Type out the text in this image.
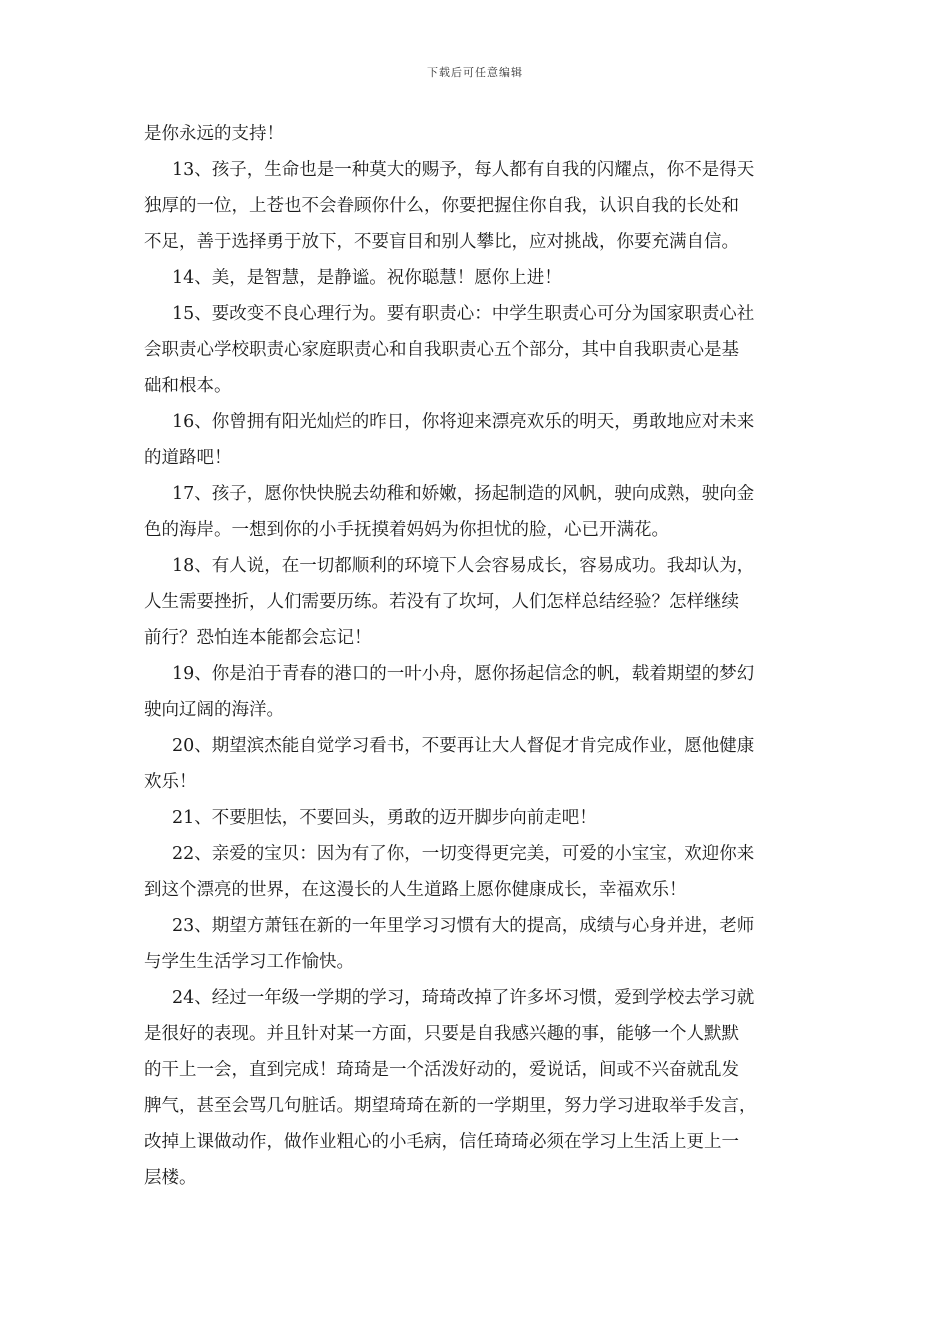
下载后可任意编辑
是你永远的支持！
13、孩子，生命也是一种莫大的赐予，每人都有自我的闪耀点，你不是得天
独厚的一位，上苍也不会眷顾你什么，你要把握住你自我，认识自我的长处和
不足，善于选择勇于放下，不要盲目和别人攀比，应对挑战，你要充满自信。
14、美，是智慧，是静谧。祝你聪慧！愿你上进！
15、要改变不良心理行为。要有职责心：中学生职责心可分为国家职责心社
会职责心学校职责心家庭职责心和自我职责心五个部分，其中自我职责心是基
础和根本。
16、你曾拥有阳光灿烂的昨日，你将迎来漂亮欢乐的明天，勇敢地应对未来
的道路吧！
17、孩子，愿你快快脱去幼稚和娇嫩，扬起制造的风帆，驶向成熟，驶向金
色的海岸。一想到你的小手抚摸着妈妈为你担忧的脸，心已开满花。
18、有人说，在一切都顺利的环境下人会容易成长，容易成功。我却认为，
人生需要挫折，人们需要历练。若没有了坎坷，人们怎样总结经验？怎样继续
前行？恐怕连本能都会忘记！
19、你是泊于青春的港口的一叶小舟，愿你扬起信念的帆，载着期望的梦幻
驶向辽阔的海洋。
20、期望滨杰能自觉学习看书，不要再让大人督促才肯完成作业，愿他健康
欢乐！
21、不要胆怯，不要回头，勇敢的迈开脚步向前走吧！
22、亲爱的宝贝：因为有了你，一切变得更完美，可爱的小宝宝，欢迎你来
到这个漂亮的世界，在这漫长的人生道路上愿你健康成长，幸福欢乐！
23、期望方萧钰在新的一年里学习习惯有大的提高，成绩与心身并进，老师
与学生生活学习工作愉快。
24、经过一年级一学期的学习，琦琦改掉了许多坏习惯，爱到学校去学习就
是很好的表现。并且针对某一方面，只要是自我感兴趣的事，能够一个人默默
的干上一会，直到完成！琦琦是一个活泼好动的，爱说话，间或不兴奋就乱发
脾气，甚至会骂几句脏话。期望琦琦在新的一学期里，努力学习进取举手发言，
改掉上课做动作，做作业粗心的小毛病，信任琦琦必须在学习上生活上更上一
层楼。
